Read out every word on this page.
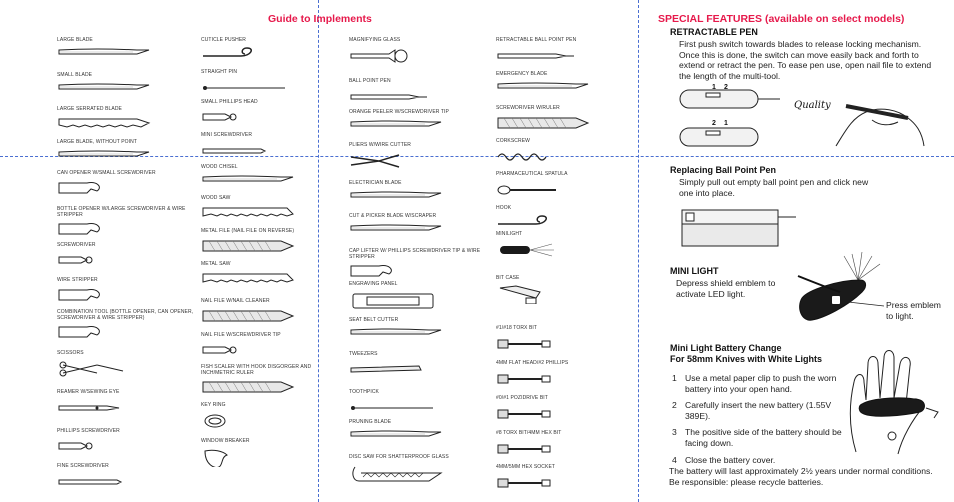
Guide to Implements	SPECIAL FEATURES (available on select models)
LARGE BLADE
SMALL BLADE
LARGE SERRATED BLADE
LARGE BLADE, WITHOUT POINT
CAN OPENER W/SMALL SCREWDRIVER
BOTTLE OPENER W/LARGE SCREWDRIVER & WIRE STRIPPER
SCREWDRIVER
WIRE STRIPPER
COMBINATION TOOL (BOTTLE OPENER, CAN OPENER, SCREWDRIVER & WIRE STRIPPER)
SCISSORS
REAMER W/SEWING EYE
PHILLIPS SCREWDRIVER
FINE SCREWDRIVER
CUTICLE PUSHER
STRAIGHT PIN
SMALL PHILLIPS HEAD
MINI SCREWDRIVER
WOOD CHISEL
WOOD SAW
METAL FILE (NAIL FILE ON REVERSE)
METAL SAW
NAIL FILE W/NAIL CLEANER
NAIL FILE W/SCREWDRIVER TIP
FISH SCALER WITH HOOK DISGORGER AND INCH/METRIC RULER
KEY RING
WINDOW BREAKER
MAGNIFYING GLASS
BALL POINT PEN
ORANGE PEELER W/SCREWDRIVER TIP
PLIERS W/WIRE CUTTER
ELECTRICIAN BLADE
CUT & PICKER BLADE W/SCRAPER
CAP LIFTER W/ PHILLIPS SCREWDRIVER TIP & WIRE STRIPPER
ENGRAVING PANEL
SEAT BELT CUTTER
TWEEZERS
TOOTHPICK
PRUNING BLADE
DISC SAW FOR SHATTERPROOF GLASS
RETRACTABLE BALL POINT PEN
EMERGENCY BLADE
SCREWDRIVER W/RULER
CORKSCREW
PHARMACEUTICAL SPATULA
HOOK
MINILIGHT
BIT CASE
#1/#18 TORX BIT
4MM FLAT HEAD/#2 PHILLIPS
#0/#1 POZIDRIVE BIT
#8 TORX BIT/4MM HEX BIT
4MM/5MM HEX SOCKET
RETRACTABLE PEN
First push switch towards blades to release locking mechanism. Once this is done, the switch can move easily back and forth to extend or retract the pen. To ease pen use, open nail file to extend the length of the multi-tool.
1 2
2 1
Quality
Replacing Ball Point Pen
Simply pull out empty ball point pen and click new one into place.
MINI LIGHT
Depress shield emblem to activate LED light.
Press emblem to light.
Mini Light Battery Change
For 58mm Knives with White Lights
1 Use a metal paper clip to push the worn battery into your open hand.
2 Carefully insert the new battery (1.55V 389E).
3 The positive side of the battery should be facing down.
4 Close the battery cover.
The battery will last approximately 2½ years under normal conditions.
Be responsible: please recycle batteries.
